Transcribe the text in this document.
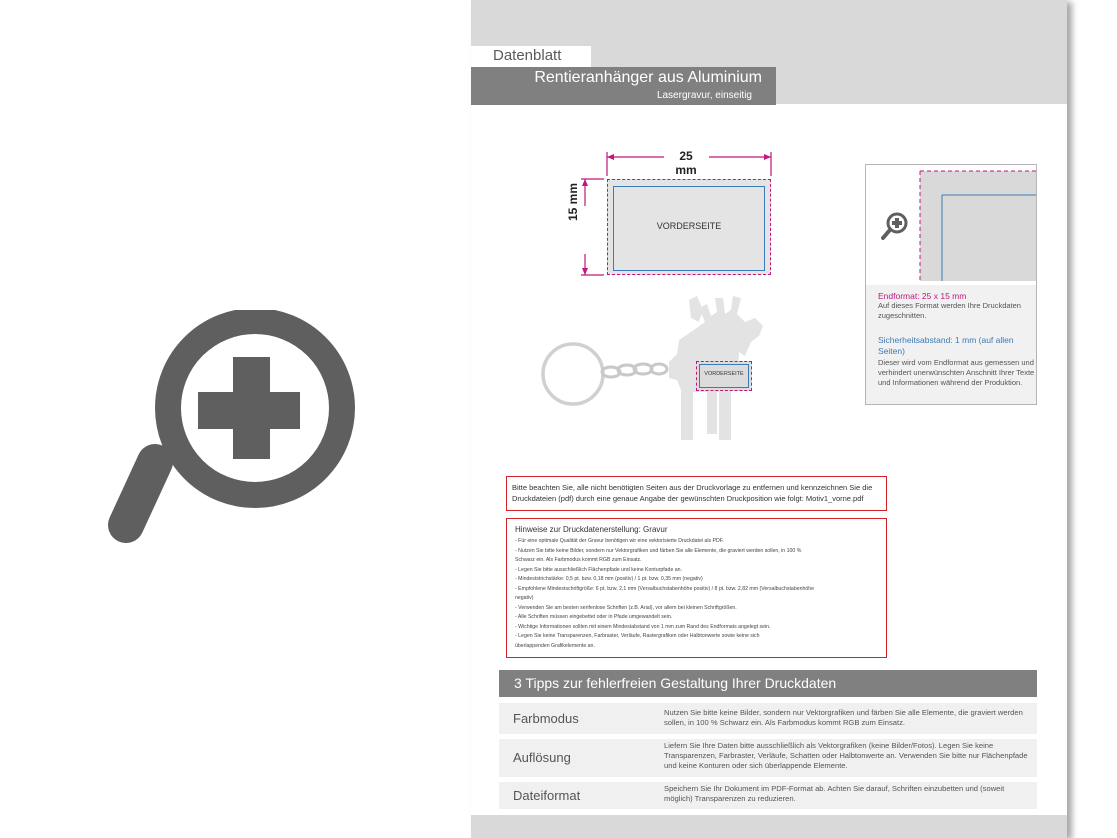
Datenblatt
Rentieranhänger aus Aluminium
Lasergravur, einseitig
25 mm
15 mm
VORDERSEITE
VORDERSEITE
Endformat: 25 x 15 mm
Auf dieses Format werden Ihre Druckdaten zugeschnitten.
Sicherheitsabstand: 1 mm (auf allen Seiten)
Dieser wird vom Endformat aus gemessen und verhindert unerwünschten Anschnitt Ihrer Texte und Informationen während der Produktion.
Bitte beachten Sie, alle nicht benötigten Seiten aus der Druckvorlage zu entfernen und kennzeichnen Sie die Druckdateien (pdf) durch eine genaue Angabe der gewünschten Druckposition wie folgt: Motiv1_vorne.pdf
Hinweise zur Druckdatenerstellung: Gravur
- Für eine optimale Qualität der Gravur benötigen wir eine vektorisierte Druckdatei als PDF.
- Nutzen Sie bitte keine Bilder, sondern nur Vektorgrafiken und färben Sie alle Elemente, die graviert werden sollen, in 100 %
Schwarz ein. Als Farbmodus kommt RGB zum Einsatz.
- Legen Sie bitte ausschließlich Flächenpfade und keine Konturpfade an.
- Mindeststrichstärke: 0,5 pt. bzw. 0,18 mm (positiv) / 1 pt. bzw. 0,35 mm (negativ)
- Empfohlene Mindestschriftgröße: 6 pt. bzw. 2,1 mm (Versalbuchstabenhöhe positiv) / 8 pt. bzw. 2,82 mm (Versalbuchstabenhöhe
negativ)
- Verwenden Sie am besten serifenlose Schriften (z.B. Arial), vor allem bei kleinen Schriftgrößen.
- Alle Schriften müssen eingebettet oder in Pfade umgewandelt sein.
- Wichtige Informationen sollten mit einem Mindestabstand von 1 mm zum Rand des Endformats angelegt sein.
- Legen Sie keine Transparenzen, Farbraster, Verläufe, Rastergrafiken oder Halbtonwerte sowie keine sich
überlappenden Grafikelemente an.
3 Tipps zur fehlerfreien Gestaltung Ihrer Druckdaten
Farbmodus	Nutzen Sie bitte keine Bilder, sondern nur Vektorgrafiken und färben Sie alle Elemente, die graviert werden sollen, in 100 % Schwarz ein. Als Farbmodus kommt RGB zum Einsatz.
Auflösung
Liefern Sie Ihre Daten bitte ausschließlich als Vektorgrafiken (keine Bilder/Fotos). Legen Sie keine Transparenzen, Farbraster, Verläufe, Schatten oder Halbtonwerte an. Verwenden Sie bitte nur Flächenpfade und keine Konturen oder sich überlappende Elemente.
Dateiformat	Speichern Sie Ihr Dokument im PDF-Format ab. Achten Sie darauf, Schriften einzubetten und (soweit möglich) Transparenzen zu reduzieren.
